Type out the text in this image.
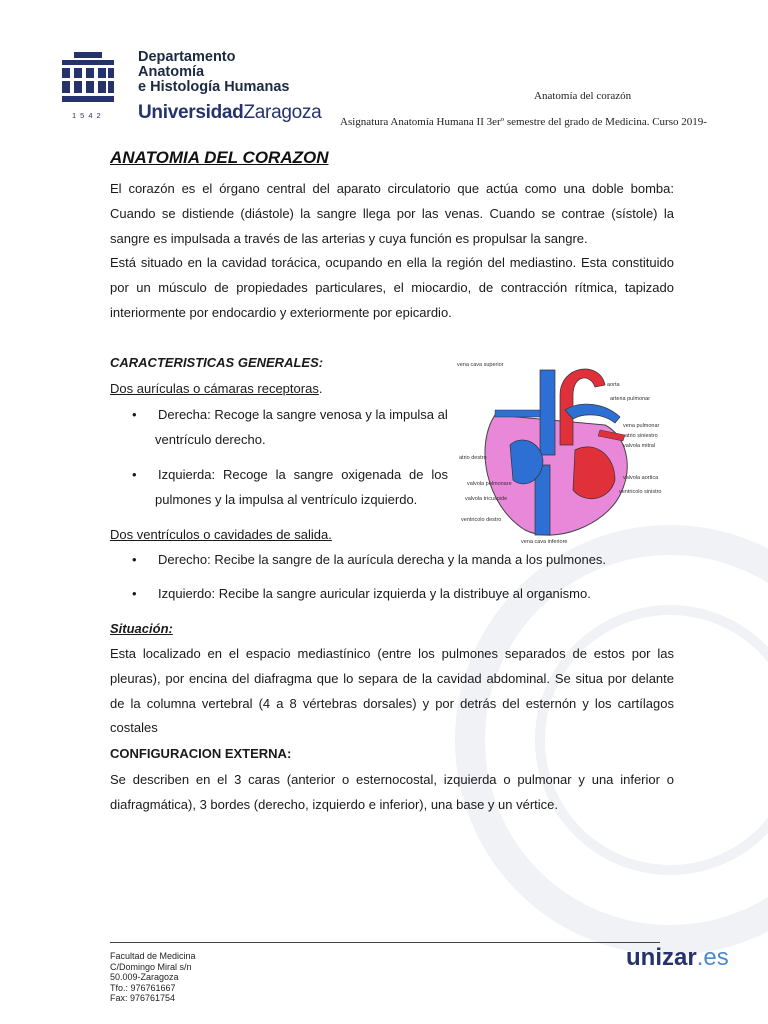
1542
Departamento
Anatomía
e Histología Humanas
UniversidadZaragoza
Anatomía del corazón
Asignatura Anatomía Humana II 3erº semestre del grado de Medicina. Curso 2019-
ANATOMIA DEL CORAZON

El corazón es el órgano central del aparato circulatorio que actúa como una doble bomba: Cuando se distiende (diástole) la sangre llega por las venas. Cuando se contrae (sístole) la sangre es impulsada a través de las arterias y cuya función es propulsar la sangre.

Está situado en la cavidad torácica, ocupando en ella la región del mediastino. Esta constituido por un músculo de propiedades particulares, el miocardio, de contracción rítmica, tapizado interiormente por endocardio y exteriormente por epicardio.

CARACTERISTICAS GENERALES:
Dos aurículas o cámaras receptoras.
• Derecha: Recoge la sangre venosa y la impulsa al
ventrículo derecho.
• Izquierda: Recoge la sangre oxigenada de los
pulmones y la impulsa al ventrículo izquierdo.
Dos ventrículos o cavidades de salida.
• Derecho: Recibe la sangre de la aurícula derecha y la manda a los pulmones.
• Izquierdo: Recibe la sangre auricular izquierda y la distribuye al organismo.
vena cava superior
aorta
arteria pulmonar
vena pulmonar
atrio siniestro
valvola mitral
atrio destro
valvola aortica
valvola polmonare
ventricolo sinistro
valvola tricuspide
ventricolo destro
vena cava inferiore
Situación:

Esta localizado en el espacio mediastínico (entre los pulmones separados de estos por las pleuras), por encina del diafragma que lo separa de la cavidad abdominal. Se situa por delante de la columna vertebral (4 a 8 vértebras dorsales) y por detrás del esternón y los cartílagos costales

CONFIGURACION EXTERNA:

Se describen en el 3 caras (anterior o esternocostal, izquierda o pulmonar y una inferior o diafragmática), 3 bordes (derecho, izquierdo e inferior), una base y un vértice.

Facultad de Medicina
C/Domingo Miral s/n
50.009-Zaragoza
Tfo.: 976761667
Fax: 976761754
unizar.es
